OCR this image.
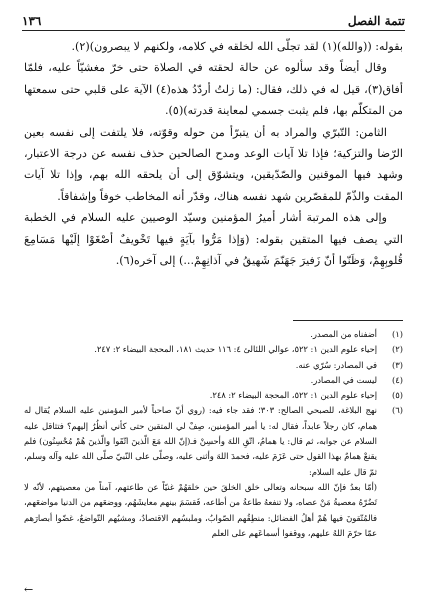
تتمة الفصل
١٣٦

بقوله: ((والله)(١) لقد تجلّى الله لخلقه في كلامه، ولكنهم لا يبصرون)(٢).

وقال أيضاً وقد سألوه عن حالة لحقته في الصلاة حتى خرّ مغشيّاً عليه، فلمّا أفاق(٣)، قيل له في ذلك، فقال: (ما زلتُ أردّدُ هذه(٤) الآية على قلبي حتى سمعتها من المتكلّم بها، فلم يثبت جسمي لمعاينة قدرته)(٥).

الثامن: التّبرّي والمراد به أن يتبرّأ من حوله وقوّته، فلا يلتفت إلى نفسه بعين الرّضا والتزكية؛ فإذا تلا آيات الوعد ومدح الصالحين حذف نفسه عن درجة الاعتبار، وشهد فيها الموقنين والصّدّيقين، ويتشوّق إلى أن يلحقه الله بهم، وإذا تلا آيات المقت والذّمّ للمقصّرين شهد نفسه هناك، وقدّر أنه المخاطب خوفاً وإشفاقاً.

وإلى هذه المرتبة أشار أميرُ المؤمنين وسيّد الوصيين عليه السلام في الخطبة التي يصف فيها المتقين بقوله: (وَإذا مَرُّوا بآيَةٍ فيها تَخْويفٌ أصْغَوْا إلَيْها مَسَامِعَ قُلوبِهِمْ، وَظَنّوا أنّ زَفيرَ جَهَنّمَ شَهيقُ في آذانِهِمْ...) إلى آخره(٦).

(١)
أضفناه من المصدر.
(٢)
إحياء علوم الدين ١: ٥٢٢، عوالي اللئالئ ٤: ١١٦ حديث ١٨١، المحجة البيضاء ٢: ٢٤٧.
(٣)
في المصادر: سُرّي عنه.
(٤)
ليست في المصادر.
(٥)
إحياء علوم الدين ١: ٥٢٢، المحجة البيضاء ٢: ٢٤٨.
(٦)
نهج البلاغة، للصبحي الصالح: ٣٠٣؛ فقد جاء فيه: (روي أنّ صاحباً لأمير المؤمنين عليه السلام يُقال له همام، كان رجلاً عابداً، فقال له: يا أمير المؤمنين، صِفْ لي المتقين حتى كأني أنظُرُ إليهم؟ فتثاقل عليه السلام عن جوابه، ثم قال: يا همامُ، اتّقِ اللهَ وأحسِنْ فـ(إنّ الله مَعَ الّذينَ اتّقَوا والّذينَ هُمْ مُحْسِنُون) فلم يقنعْ همامٌ بهذا القول حتى عَزَمَ عليه، فحمدَ اللهَ وأثنى عليه، وصلّى على النّبيّ صلّى الله عليه وآله وسلم، ثمّ قال عليه السلام:
(أمّا بعدُ فإنّ الله سبحانه وتعالى خلق الخلقَ حين خلقهُمْ غنيّاً عن طاعتهم، آمناً من معصيتهم، لأنّه لا تَضُرّهُ معصيةُ مَنْ عصاه، ولا تنفعهُ طاعةُ من أطاعه، فَقسَمَ بينهم معايشَهُم، ووضعَهم من الدنيا مواضعَهم، فالمُتّقونَ فيها هُمْ أهلُ الفضائل: منطِقُهم الصّوابُ، وملبسُهم الاقتصادُ، ومشيُهم التّواضعُ، غضّوا أبصارَهم عمّا حرّمَ اللهُ عليهم، ووقفوا أسماعَهم على العلم
←
